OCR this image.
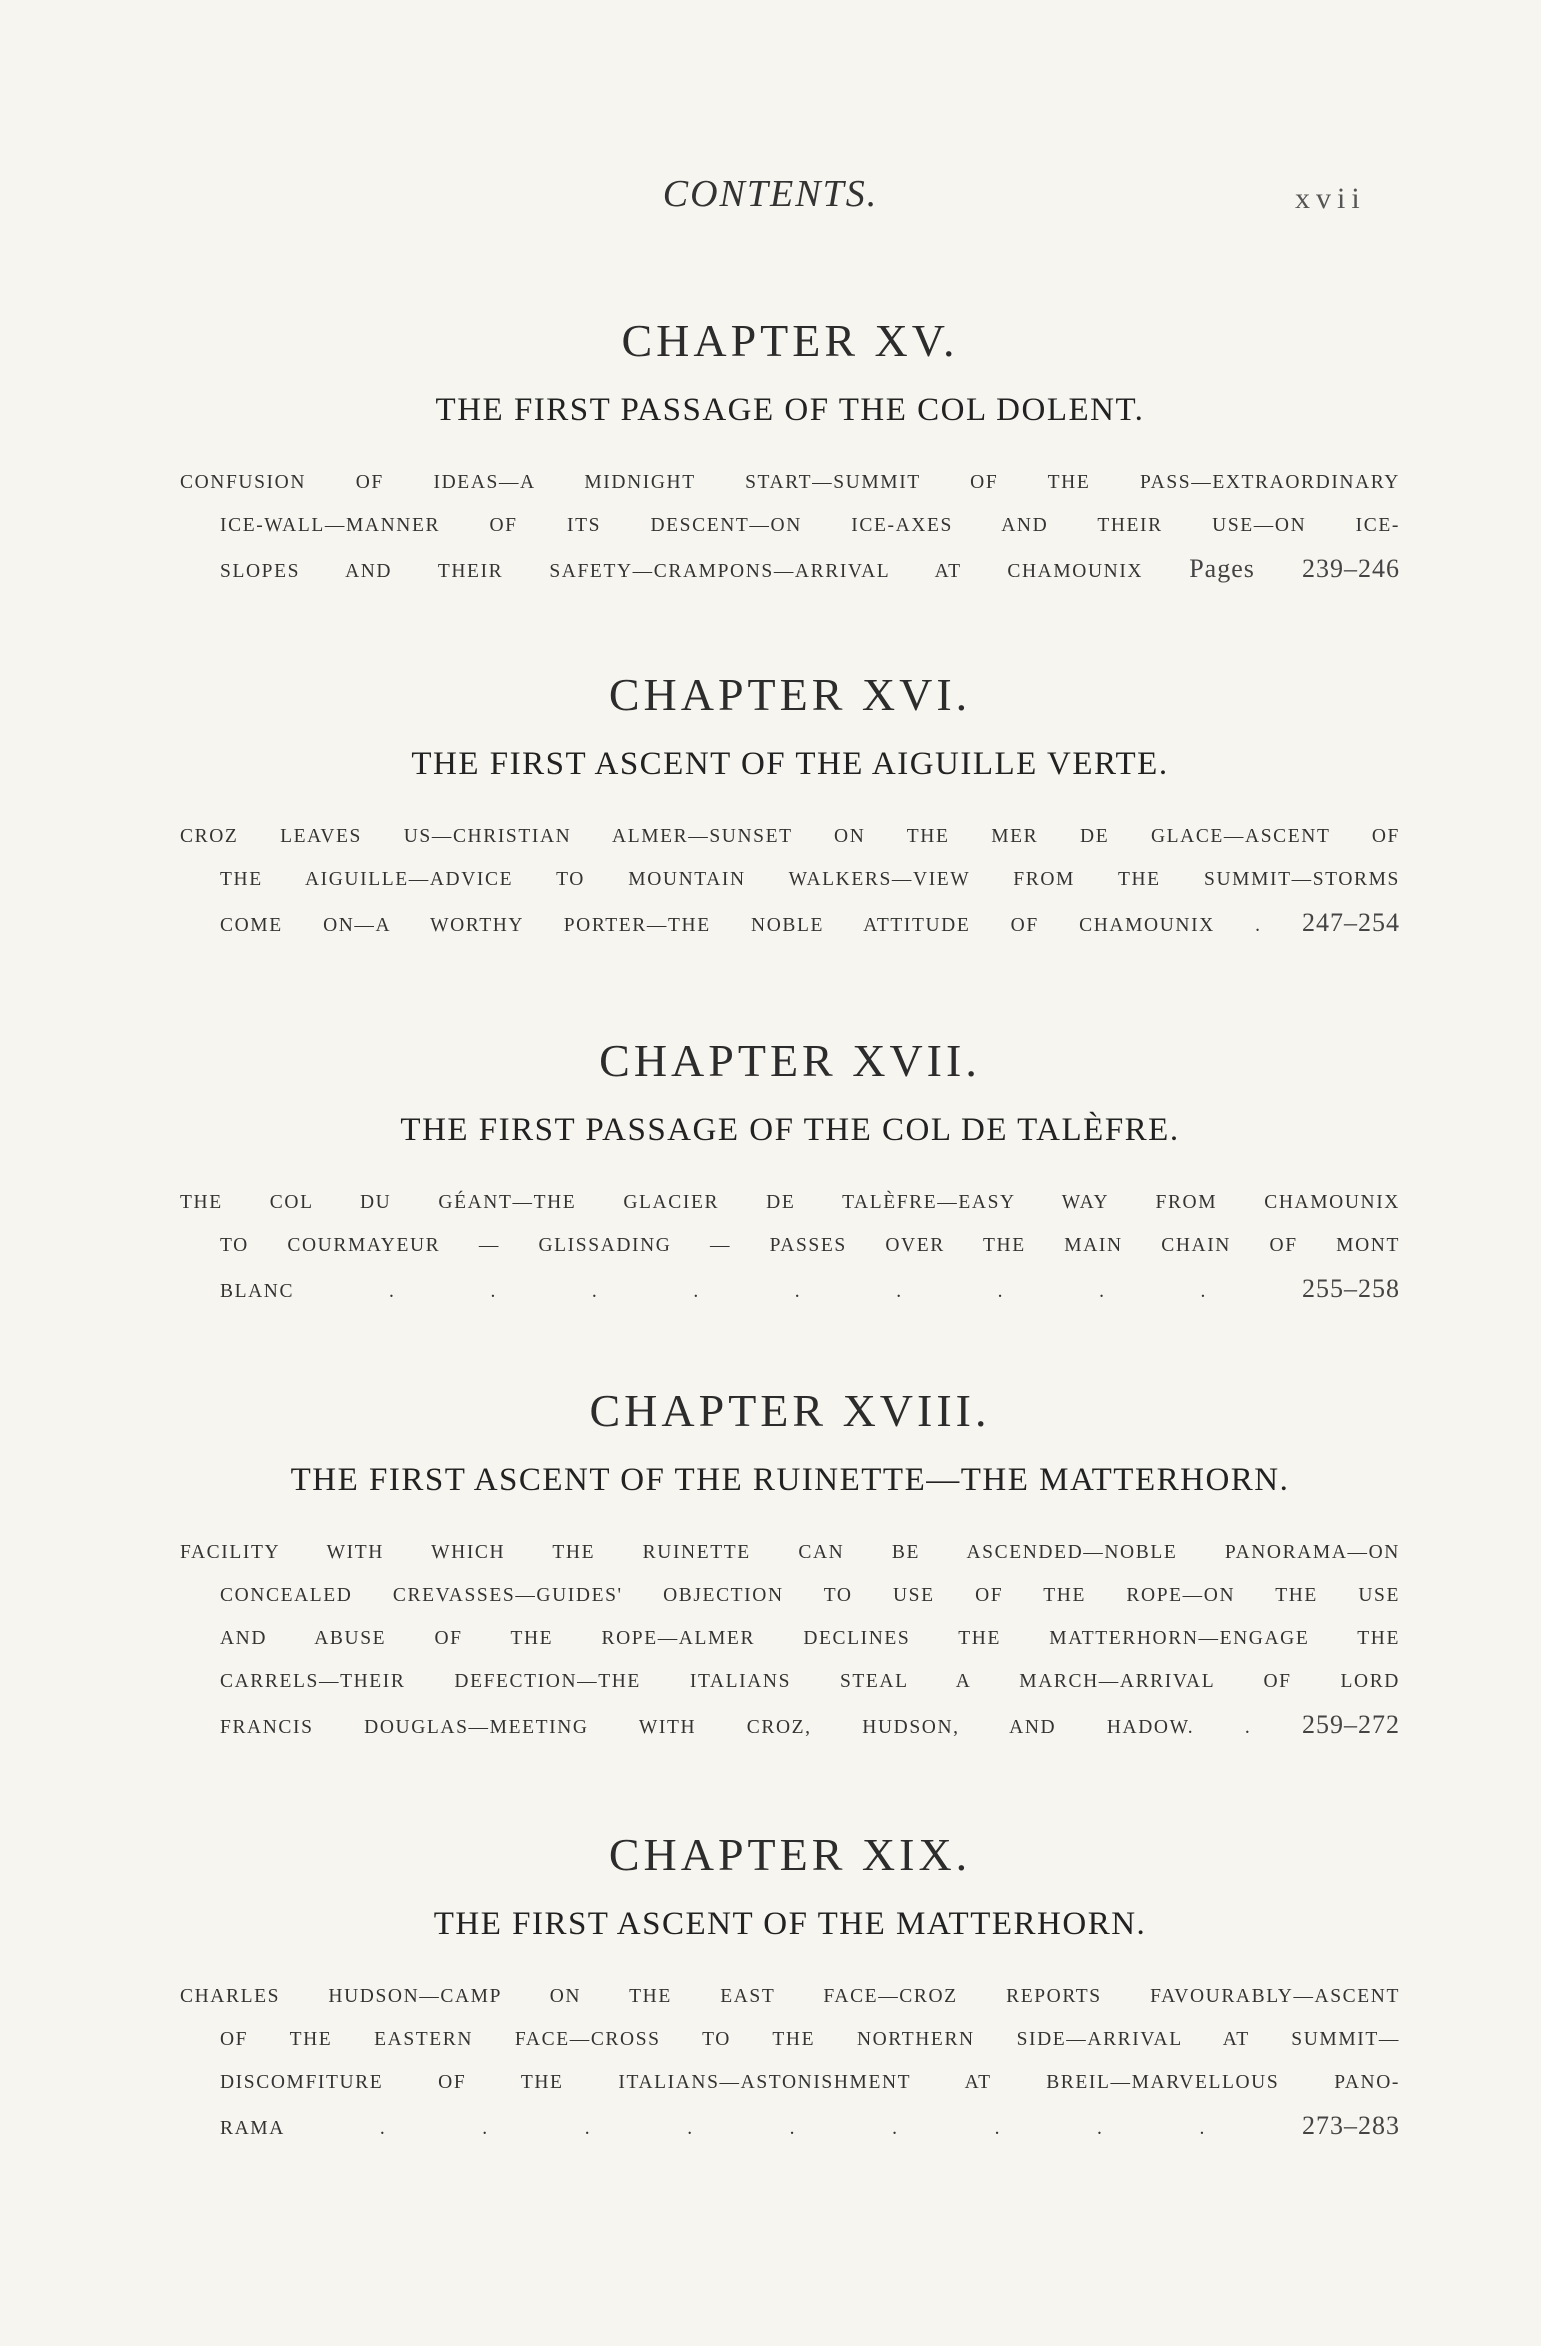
CONTENTS.	xvii
CHAPTER XV.
THE FIRST PASSAGE OF THE COL DOLENT.
CONFUSION OF IDEAS—A MIDNIGHT START—SUMMIT OF THE PASS—EXTRAORDINARY
ICE-WALL—MANNER OF ITS DESCENT—ON ICE-AXES AND THEIR USE—ON ICE-
SLOPES AND THEIR SAFETY—CRAMPONS—ARRIVAL AT CHAMOUNIX Pages 239–246
CHAPTER XVI.
THE FIRST ASCENT OF THE AIGUILLE VERTE.
CROZ LEAVES US—CHRISTIAN ALMER—SUNSET ON THE MER DE GLACE—ASCENT OF
THE AIGUILLE—ADVICE TO MOUNTAIN WALKERS—VIEW FROM THE SUMMIT—STORMS
COME ON—A WORTHY PORTER—THE NOBLE ATTITUDE OF CHAMOUNIX . 247–254
CHAPTER XVII.
THE FIRST PASSAGE OF THE COL DE TALÈFRE.
THE COL DU GÉANT—THE GLACIER DE TALÈFRE—EASY WAY FROM CHAMOUNIX
TO COURMAYEUR — GLISSADING — PASSES OVER THE MAIN CHAIN OF MONT
BLANC . . . . . . . . .	255–258
CHAPTER XVIII.
THE FIRST ASCENT OF THE RUINETTE—THE MATTERHORN.
FACILITY WITH WHICH THE RUINETTE CAN BE ASCENDED—NOBLE PANORAMA—ON
CONCEALED CREVASSES—GUIDES' OBJECTION TO USE OF THE ROPE—ON THE USE
AND ABUSE OF THE ROPE—ALMER DECLINES THE MATTERHORN—ENGAGE THE
CARRELS—THEIR DEFECTION—THE ITALIANS STEAL A MARCH—ARRIVAL OF LORD
FRANCIS DOUGLAS—MEETING WITH CROZ, HUDSON, AND HADOW. . 259–272
CHAPTER XIX.
THE FIRST ASCENT OF THE MATTERHORN.
CHARLES HUDSON—CAMP ON THE EAST FACE—CROZ REPORTS FAVOURABLY—ASCENT
OF THE EASTERN FACE—CROSS TO THE NORTHERN SIDE—ARRIVAL AT SUMMIT—
DISCOMFITURE OF THE ITALIANS—ASTONISHMENT AT BREIL—MARVELLOUS PANO-
RAMA . . . . . . . . .	273–283
